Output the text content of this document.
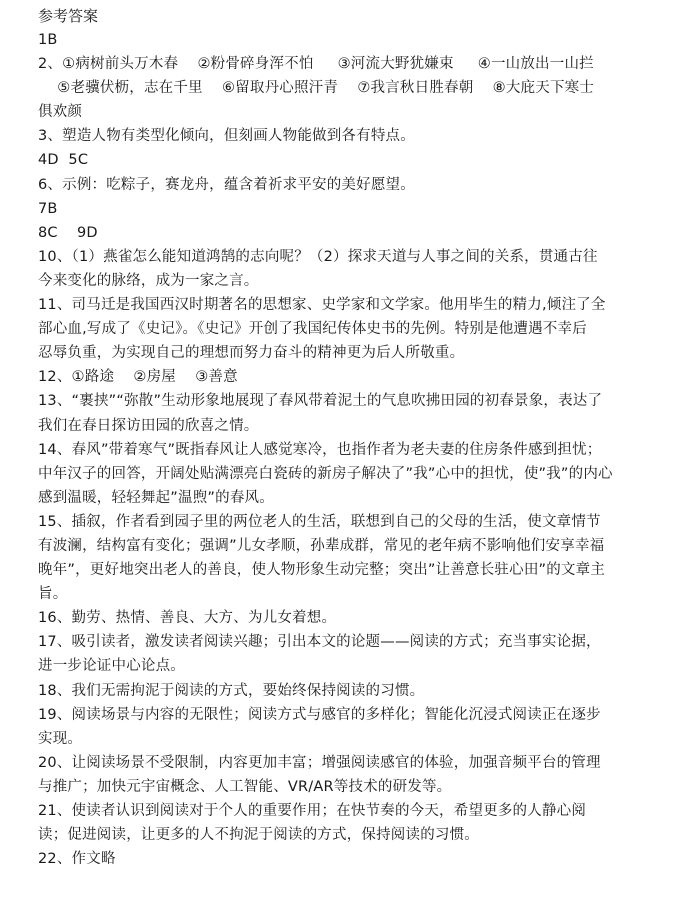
参考答案
1B
2、①病树前头万木春    ②粉骨碎身浑不怕     ③河流大野犹嫌束     ④一山放出一山拦
⑤老骥伏枥，志在千里    ⑥留取丹心照汗青    ⑦我言秋日胜春朝    ⑧大庇天下寒士
俱欢颜
3、塑造人物有类型化倾向，但刻画人物能做到各有特点。
4D  5C
6、示例：吃粽子，赛龙舟，蕴含着祈求平安的美好愿望。
7B
8C    9D
10、（1）燕雀怎么能知道鸿鹄的志向呢？（2）探求天道与人事之间的关系，贯通古往
今来变化的脉络，成为一家之言。
11、司马迁是我国西汉时期著名的思想家、史学家和文学家。他用毕生的精力,倾注了全
部心血,写成了《史记》。《史记》开创了我国纪传体史书的先例。特别是他遭遇不幸后
忍辱负重，为实现自己的理想而努力奋斗的精神更为后人所敬重。
12、①路途    ②房屋    ③善意
13、“裹挟”“弥散”生动形象地展现了春风带着泥土的气息吹拂田园的初春景象，表达了
我们在春日探访田园的欣喜之情。
14、春风”带着寒气”既指春风让人感觉寒冷，也指作者为老夫妻的住房条件感到担忧；
中年汉子的回答，开阔处贴满漂亮白瓷砖的新房子解决了”我”心中的担忧，使”我”的内心
感到温暖，轻轻舞起”温煦”的春风。
15、插叙，作者看到园子里的两位老人的生活，联想到自己的父母的生活，使文章情节
有波澜，结构富有变化；强调”儿女孝顺，孙辈成群，常见的老年病不影响他们安享幸福
晚年”，更好地突出老人的善良，使人物形象生动完整；突出”让善意长驻心田”的文章主
旨。
16、勤劳、热情、善良、大方、为儿女着想。
17、吸引读者，激发读者阅读兴趣；引出本文的论题——阅读的方式；充当事实论据，
进一步论证中心论点。
18、我们无需拘泥于阅读的方式，要始终保持阅读的习惯。
19、阅读场景与内容的无限性；阅读方式与感官的多样化；智能化沉浸式阅读正在逐步
实现。
20、让阅读场景不受限制，内容更加丰富；增强阅读感官的体验，加强音频平台的管理
与推广；加快元宇宙概念、人工智能、VR/AR等技术的研发等。
21、使读者认识到阅读对于个人的重要作用；在快节奏的今天，希望更多的人静心阅
读；促进阅读，让更多的人不拘泥于阅读的方式，保持阅读的习惯。
22、作文略
